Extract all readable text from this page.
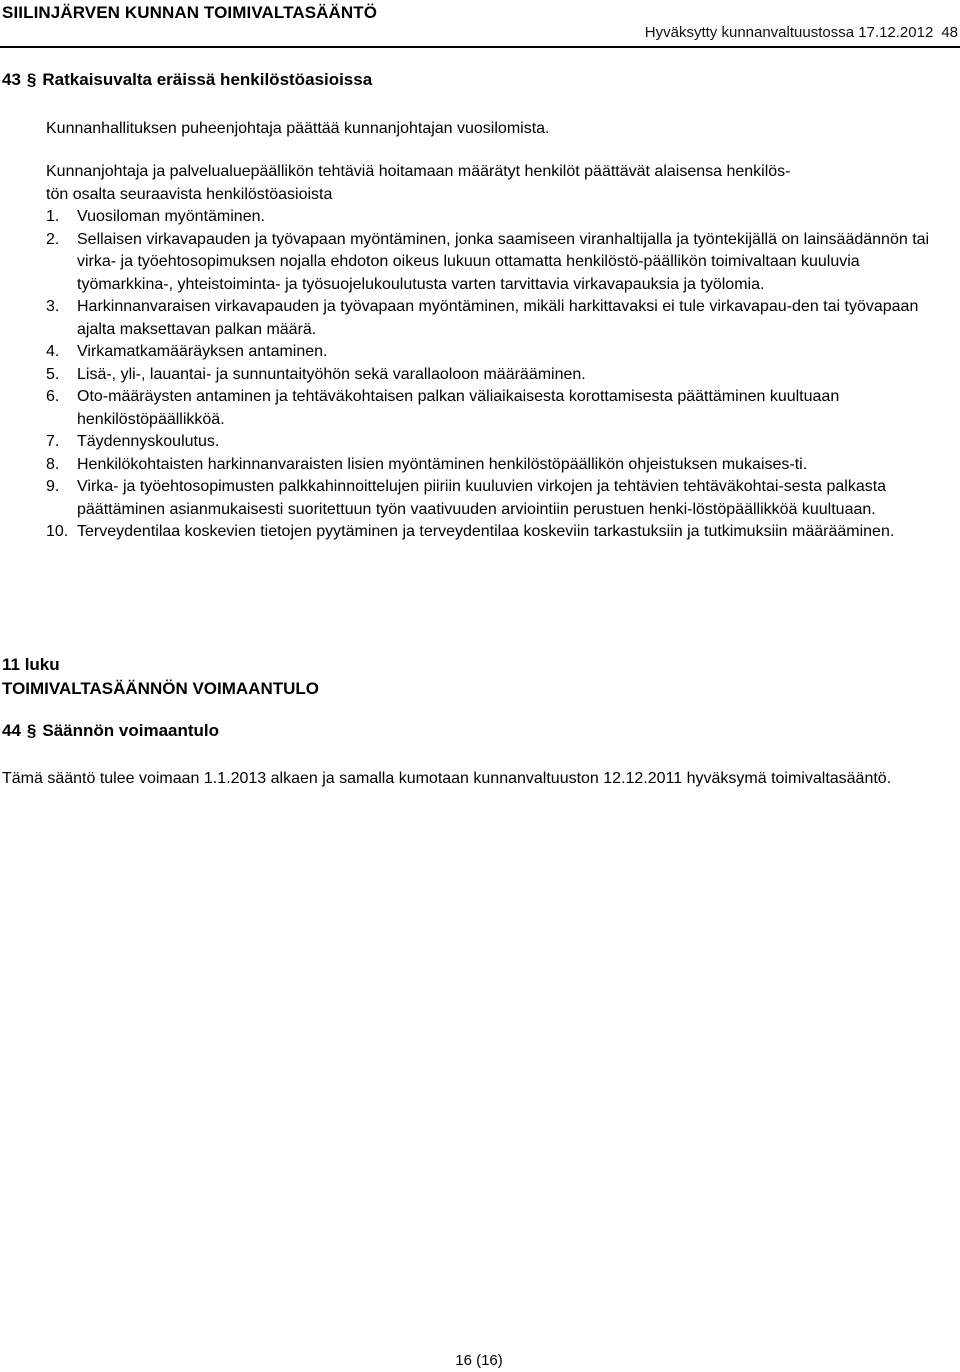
SIILINJÄRVEN KUNNAN TOIMIVALTASÄÄNTÖ
Hyväksytty kunnanvaltuustossa 17.12.2012 48
43 § Ratkaisuvalta eräissä henkilöstöasioissa
Kunnanhallituksen puheenjohtaja päättää kunnanjohtajan vuosilomista.
Kunnanjohtaja ja palvelualuepäällikön tehtäviä hoitamaan määrätyt henkilöt päättävät alaisensa henkilös-
tön osalta seuraavista henkilöstöasioista
1.	Vuosiloman myöntäminen.
2.	Sellaisen virkavapauden ja työvapaan myöntäminen, jonka saamiseen viranhaltijalla ja työntekijällä on lainsäädännön tai virka- ja työehtosopimuksen nojalla ehdoton oikeus lukuun ottamatta henkilöstö-päällikön toimivaltaan kuuluvia työmarkkina-, yhteistoiminta- ja työsuojelukoulutusta varten tarvittavia virkavapauksia ja työlomia.
3.	Harkinnanvaraisen virkavapauden ja työvapaan myöntäminen, mikäli harkittavaksi ei tule virkavapau-den tai työvapaan ajalta maksettavan palkan määrä.
4.	Virkamatkamääräyksen antaminen.
5.	Lisä-, yli-, lauantai- ja sunnuntaityöhön sekä varallaoloon määrääminen.
6.	Oto-määräysten antaminen ja tehtäväkohtaisen palkan väliaikaisesta korottamisesta päättäminen kuultuaan henkilöstöpäällikköä.
7.	Täydennyskoulutus.
8.	Henkilökohtaisten harkinnanvaraisten lisien myöntäminen henkilöstöpäällikön ohjeistuksen mukaises-ti.
9.	Virka- ja työehtosopimusten palkkahinnoittelujen piiriin kuuluvien virkojen ja tehtävien tehtäväkohtai-sesta palkasta päättäminen asianmukaisesti suoritettuun työn vaativuuden arviointiin perustuen henki-löstöpäällikköä kuultuaan.
10. Terveydentilaa koskevien tietojen pyytäminen ja terveydentilaa koskeviin tarkastuksiin ja tutkimuksiin määrääminen.
11 luku
TOIMIVALTASÄÄNNÖN VOIMAANTULO
44 § Säännön voimaantulo
Tämä sääntö tulee voimaan 1.1.2013 alkaen ja samalla kumotaan kunnanvaltuuston 12.12.2011 hyväksymä toimivaltasääntö.
16 (16)
